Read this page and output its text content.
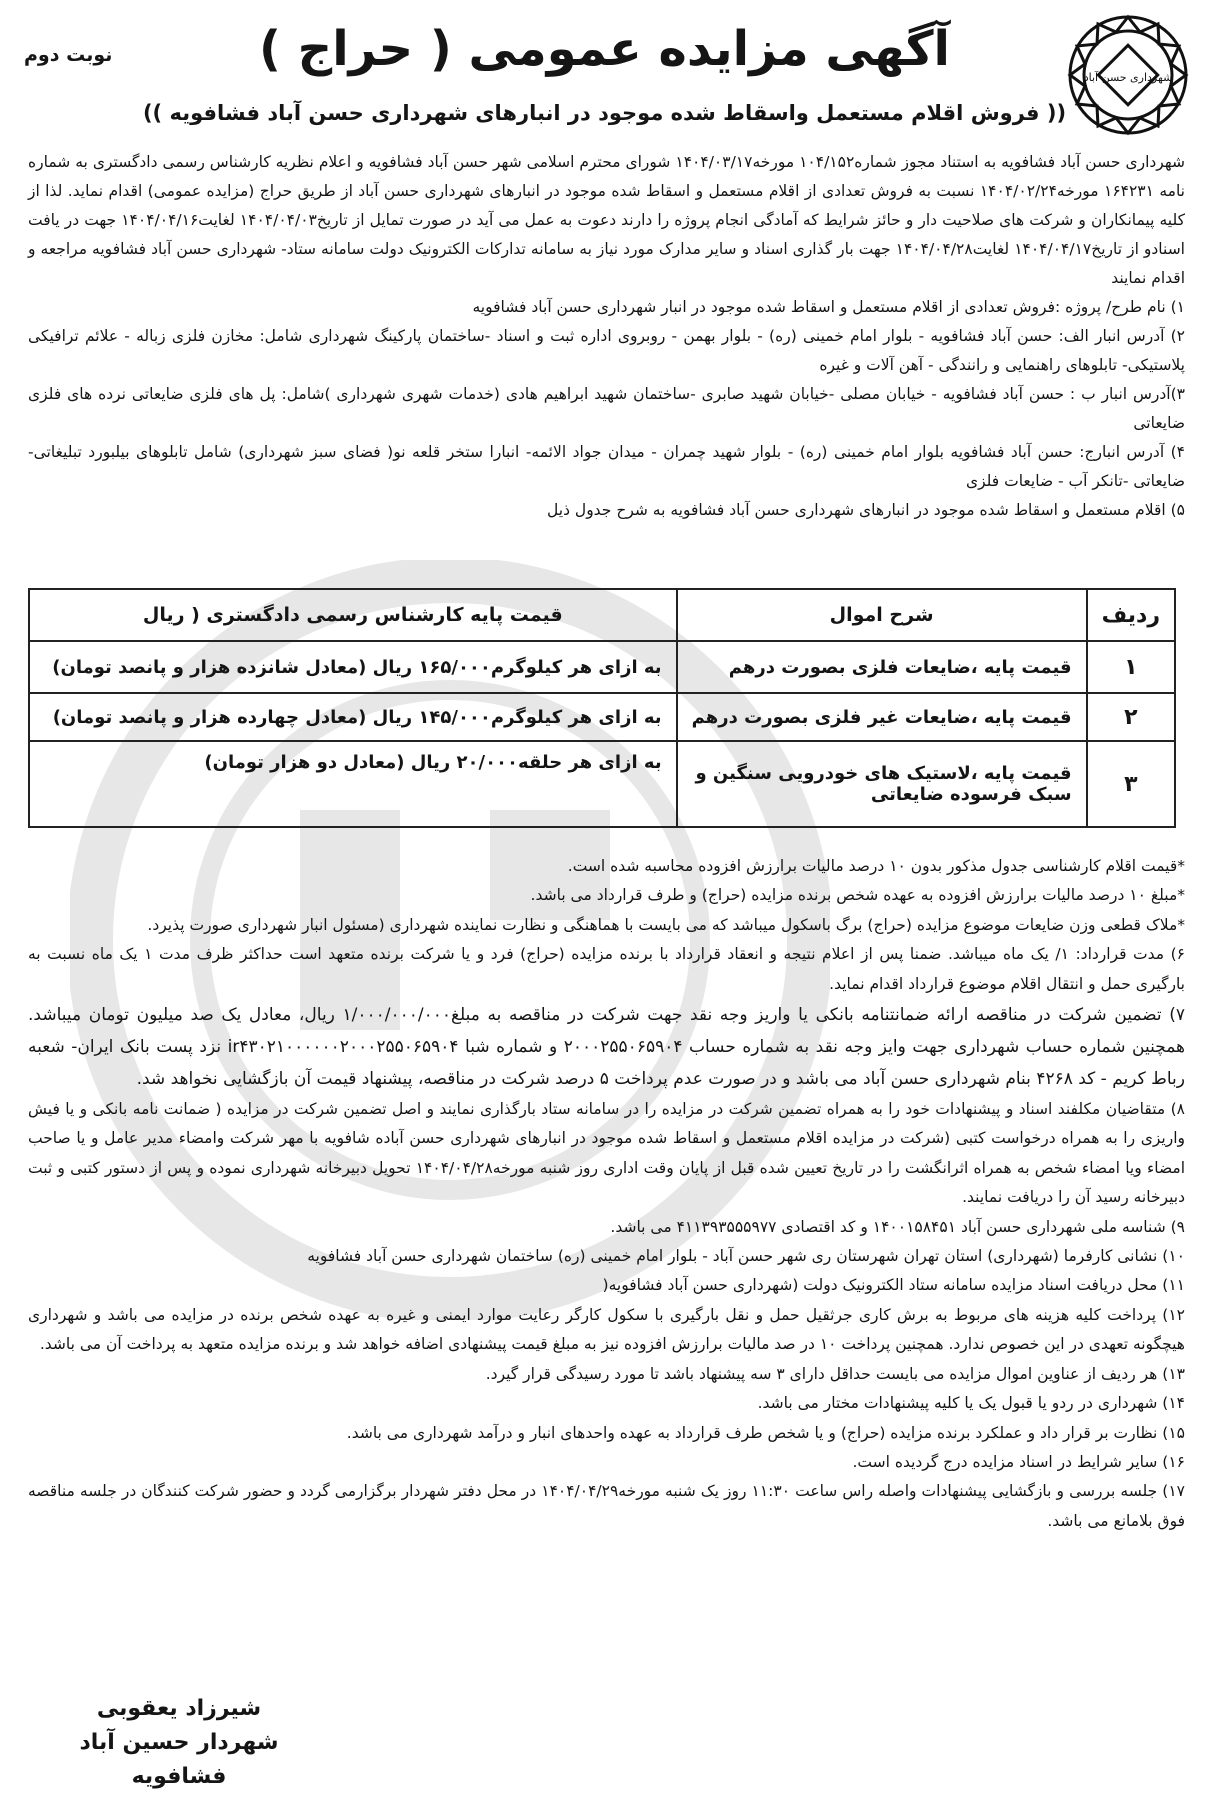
شهرداری حسن آباد
نوبت دوم	آگهی مزایده عمومی ( حراج )
(( فروش اقلام مستعمل واسقاط شده موجود در انبارهای شهرداری حسن آباد فشافویه ))

شهرداری حسن آباد فشافویه به استناد مجوز شماره۱۰۴/۱۵۲ مورخه۱۴۰۴/۰۳/۱۷ شورای محترم اسلامی شهر حسن آباد فشافویه و اعلام نظریه کارشناس رسمی دادگستری به شماره نامه ۱۶۴۲۳۱ مورخه۱۴۰۴/۰۲/۲۴ نسبت به فروش تعدادی از اقلام مستعمل و اسقاط شده موجود در انبارهای شهرداری حسن آباد از طریق حراج (مزایده عمومی) اقدام نماید. لذا از کلیه پیمانکاران و شرکت های صلاحیت دار و حائز شرایط که آمادگی انجام پروژه را دارند دعوت به عمل می آید در صورت تمایل از تاریخ۱۴۰۴/۰۴/۰۳ لغایت۱۴۰۴/۰۴/۱۶ جهت در یافت اسنادو از تاریخ۱۴۰۴/۰۴/۱۷ لغایت۱۴۰۴/۰۴/۲۸ جهت بار گذاری اسناد و سایر مدارک مورد نیاز به سامانه تدارکات الکترونیک دولت سامانه ستاد- شهرداری حسن آباد فشافویه مراجعه و اقدام نمایند

۱) نام طرح/ پروژه :فروش تعدادی از اقلام مستعمل و اسقاط شده موجود در انبار شهرداری حسن آباد فشافویه

۲) آدرس انبار الف: حسن آباد فشافویه - بلوار امام خمینی (ره) - بلوار بهمن - روبروی اداره ثبت و اسناد -ساختمان پارکینگ شهرداری شامل: مخازن فلزی زباله - علائم ترافیکی پلاستیکی- تابلوهای راهنمایی و رانندگی - آهن آلات و غیره

۳)آدرس انبار ب : حسن آباد فشافویه - خیابان مصلی -خیابان شهید صابری -ساختمان شهید ابراهیم هادی (خدمات شهری شهرداری )شامل: پل های فلزی ضایعاتی نرده های فلزی ضایعاتی

۴) آدرس انبارج: حسن آباد فشافویه بلوار امام خمینی (ره) - بلوار شهید چمران - میدان جواد الائمه- انبارا ستخر قلعه نو( فضای سبز شهرداری) شامل تابلوهای بیلبورد تبلیغاتی- ضایعاتی -تانکر آب - ضایعات فلزی

۵) اقلام مستعمل و اسقاط شده موجود در انبارهای شهرداری حسن آباد فشافویه به شرح جدول ذیل

ردیف	شرح اموال	قیمت پایه کارشناس رسمی دادگستری ( ریال
۱	قیمت پایه ،ضایعات فلزی بصورت درهم	به ازای هر کیلوگرم۱۶۵/۰۰۰ ریال (معادل شانزده هزار و پانصد تومان)
۲	قیمت پایه ،ضایعات غیر فلزی بصورت درهم	به ازای هر کیلوگرم۱۴۵/۰۰۰ ریال (معادل چهارده هزار و پانصد تومان)
۳	قیمت پایه ،لاستیک های خودرویی سنگین و سبک فرسوده ضایعاتی	به ازای هر حلقه۲۰/۰۰۰ ریال (معادل دو هزار تومان)

*قیمت اقلام کارشناسی جدول مذکور بدون ۱۰ درصد مالیات برارزش افزوده محاسبه شده است.

*مبلغ ۱۰ درصد مالیات برارزش افزوده به عهده شخص برنده مزایده (حراج) و طرف قرارداد می باشد.

*ملاک قطعی وزن ضایعات موضوع مزایده (حراج) برگ باسکول میباشد که می بایست با هماهنگی و نظارت نماینده شهرداری (مسئول انبار شهرداری صورت پذیرد.

۶) مدت قرارداد: ۱/ یک ماه میباشد. ضمنا پس از اعلام نتیجه و انعقاد قرارداد با برنده مزایده (حراج) فرد و یا شرکت برنده متعهد است حداکثر ظرف مدت ۱ یک ماه نسبت به بارگیری حمل و انتقال اقلام موضوع قرارداد اقدام نماید.

۷) تضمین شرکت در مناقصه ارائه ضمانتنامه بانکی یا واریز وجه نقد جهت شرکت در مناقصه به مبلغ۱/۰۰۰/۰۰۰/۰۰۰ ریال، معادل یک صد میلیون تومان میباشد. همچنین شماره حساب شهرداری جهت وایز وجه نقد به شماره حساب ۲۰۰۰۲۵۵۰۶۵۹۰۴ و شماره شبا ir۴۳۰۲۱۰۰۰۰۰۰۲۰۰۰۲۵۵۰۶۵۹۰۴ نزد پست بانک ایران- شعبه رباط کریم - کد ۴۲۶۸ بنام شهرداری حسن آباد می باشد و در صورت عدم پرداخت ۵ درصد شرکت در مناقصه، پیشنهاد قیمت آن بازگشایی نخواهد شد.

۸) متقاضیان مکلفند اسناد و پیشنهادات خود را به همراه تضمین شرکت در مزایده را در سامانه ستاد بارگذاری نمایند و اصل تضمین شرکت در مزایده ( ضمانت نامه بانکی و یا فیش واریزی را به همراه درخواست کتبی (شرکت در مزایده اقلام مستعمل و اسقاط شده موجود در انبارهای شهرداری حسن آباده شافویه با مهر شرکت وامضاء مدیر عامل و یا صاحب امضاء ویا امضاء شخص به همراه اثرانگشت را در تاریخ تعیین شده قبل از پایان وقت اداری روز شنبه مورخه۱۴۰۴/۰۴/۲۸ تحویل دبیرخانه شهرداری نموده و پس از دستور کتبی و ثبت دبیرخانه رسید آن را دریافت نمایند.

۹) شناسه ملی شهرداری حسن آباد ۱۴۰۰۱۵۸۴۵۱ و کد اقتصادی ۴۱۱۳۹۳۵۵۵۹۷۷ می باشد.

۱۰) نشانی کارفرما (شهرداری) استان تهران شهرستان ری شهر حسن آباد - بلوار امام خمینی (ره) ساختمان شهرداری حسن آباد فشافویه

۱۱) محل دریافت اسناد مزایده سامانه ستاد الکترونیک دولت (شهرداری حسن آباد فشافویه(

۱۲) پرداخت کلیه هزینه های مربوط به برش کاری جرثقیل حمل و نقل بارگیری با سکول کارگر رعایت موارد ایمنی و غیره به عهده شخص برنده در مزایده می باشد و شهرداری هیچگونه تعهدی در این خصوص ندارد. همچنین پرداخت ۱۰ در صد مالیات برارزش افزوده نیز به مبلغ قیمت پیشنهادی اضافه خواهد شد و برنده مزایده متعهد به پرداخت آن می باشد.

۱۳) هر ردیف از عناوین اموال مزایده می بایست حداقل دارای ۳ سه پیشنهاد باشد تا مورد رسیدگی قرار گیرد.

۱۴) شهرداری در ردو یا قبول یک یا کلیه پیشنهادات مختار می باشد.

۱۵) نظارت بر قرار داد و عملکرد برنده مزایده (حراج) و یا شخص طرف قرارداد به عهده واحدهای انبار و درآمد شهرداری می باشد.

۱۶) سایر شرایط در اسناد مزایده درج گردیده است.

۱۷) جلسه بررسی و بازگشایی پیشنهادات واصله راس ساعت ۱۱:۳۰ روز یک شنبه مورخه۱۴۰۴/۰۴/۲۹ در محل دفتر شهردار برگزارمی گردد و حضور شرکت کنندگان در جلسه مناقصه فوق بلامانع می باشد.

شیرزاد یعقوبی
شهردار حسین آباد فشافویه
